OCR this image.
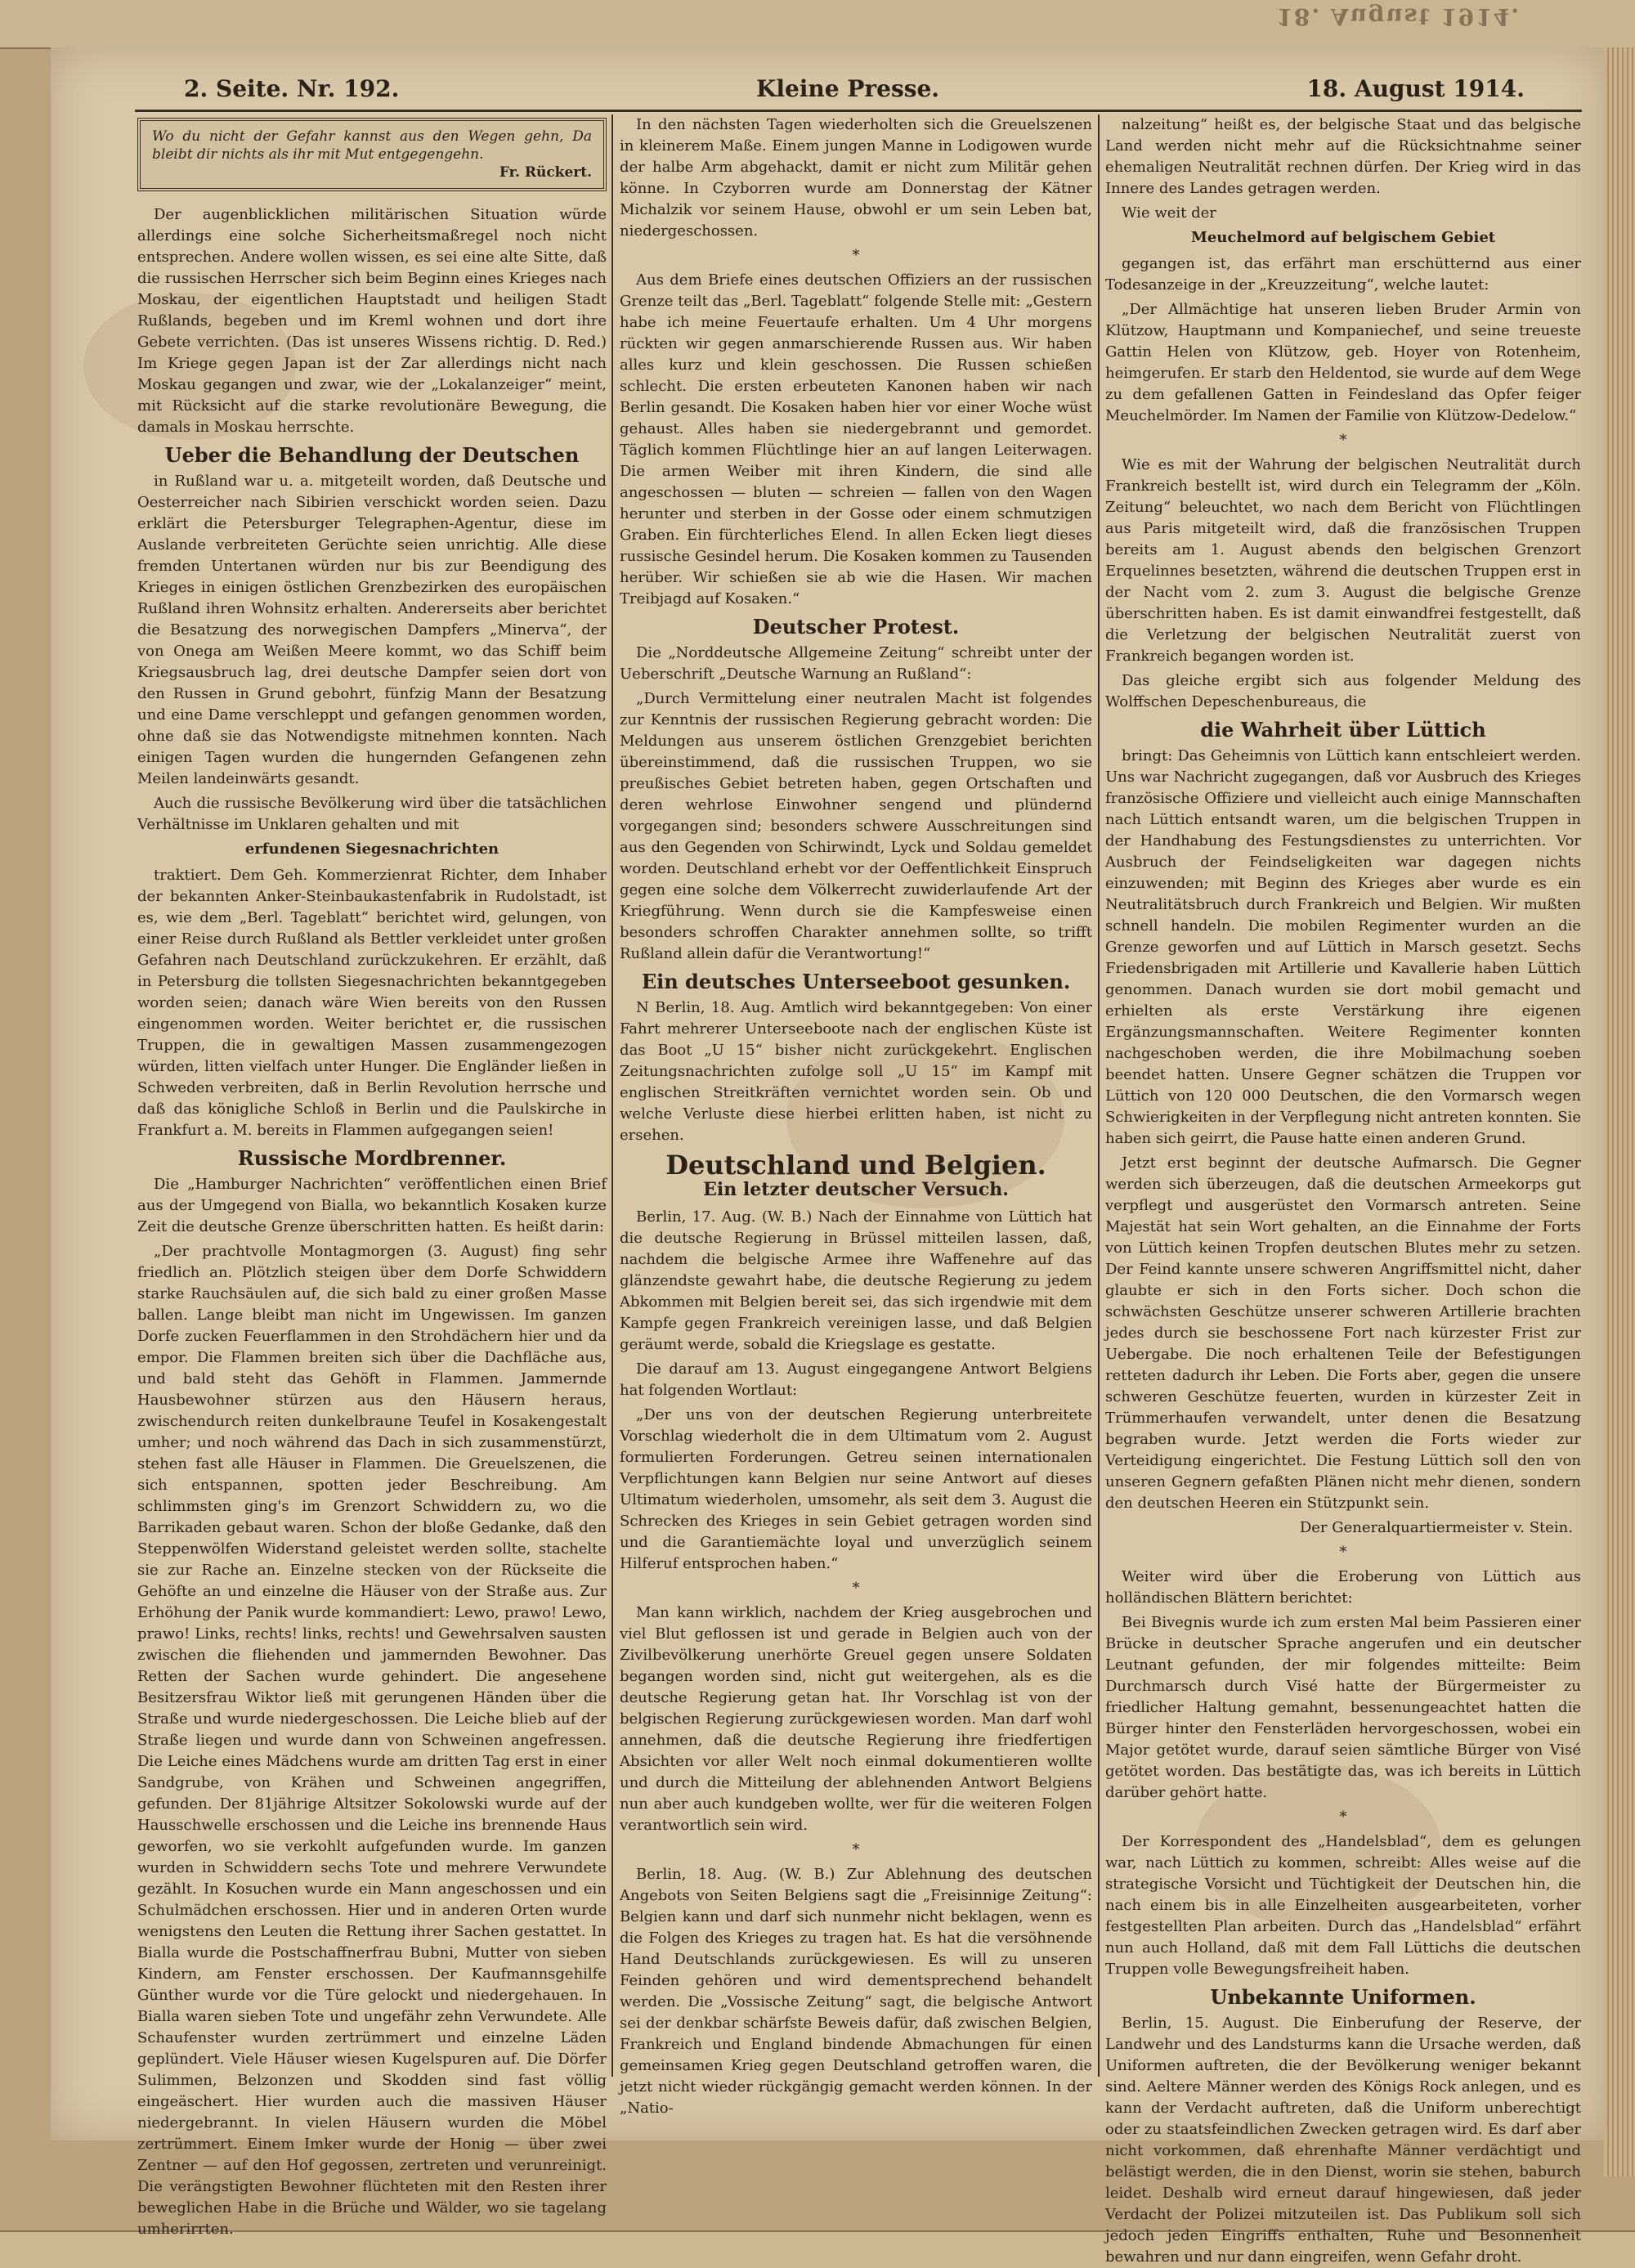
18. August 1914.
2. Seite. Nr. 192.	Kleine Presse.	18. August 1914.
Wo du nicht der Gefahr kannst aus den Wegen gehn, Da bleibt dir nichts als ihr mit Mut entgegengehn.
Fr. Rückert.

Der augenblicklichen militärischen Situation würde allerdings eine solche Sicherheitsmaßregel noch nicht entsprechen. Andere wollen wissen, es sei eine alte Sitte, daß die russischen Herrscher sich beim Beginn eines Krieges nach Moskau, der eigentlichen Hauptstadt und heiligen Stadt Rußlands, begeben und im Kreml wohnen und dort ihre Gebete verrichten. (Das ist unseres Wissens richtig. D. Red.) Im Kriege gegen Japan ist der Zar allerdings nicht nach Moskau gegangen und zwar, wie der „Lokalanzeiger“ meint, mit Rücksicht auf die starke revolutionäre Bewegung, die damals in Moskau herrschte.

Ueber die Behandlung der Deutschen

in Rußland war u. a. mitgeteilt worden, daß Deutsche und Oesterreicher nach Sibirien verschickt worden seien. Dazu erklärt die Petersburger Telegraphen-Agentur, diese im Auslande verbreiteten Gerüchte seien unrichtig. Alle diese fremden Untertanen würden nur bis zur Beendigung des Krieges in einigen östlichen Grenzbezirken des europäischen Rußland ihren Wohnsitz erhalten. Andererseits aber berichtet die Besatzung des norwegischen Dampfers „Minerva“, der von Onega am Weißen Meere kommt, wo das Schiff beim Kriegsausbruch lag, drei deutsche Dampfer seien dort von den Russen in Grund gebohrt, fünfzig Mann der Besatzung und eine Dame verschleppt und gefangen genommen worden, ohne daß sie das Notwendigste mitnehmen konnten. Nach einigen Tagen wurden die hungernden Gefangenen zehn Meilen landeinwärts gesandt.

Auch die russische Bevölkerung wird über die tatsächlichen Verhältnisse im Unklaren gehalten und mit

erfundenen Siegesnachrichten

traktiert. Dem Geh. Kommerzienrat Richter, dem Inhaber der bekannten Anker-Steinbaukastenfabrik in Rudolstadt, ist es, wie dem „Berl. Tageblatt“ berichtet wird, gelungen, von einer Reise durch Rußland als Bettler verkleidet unter großen Gefahren nach Deutschland zurückzukehren. Er erzählt, daß in Petersburg die tollsten Siegesnachrichten bekanntgegeben worden seien; danach wäre Wien bereits von den Russen eingenommen worden. Weiter berichtet er, die russischen Truppen, die in gewaltigen Massen zusammengezogen würden, litten vielfach unter Hunger. Die Engländer ließen in Schweden verbreiten, daß in Berlin Revolution herrsche und daß das königliche Schloß in Berlin und die Paulskirche in Frankfurt a. M. bereits in Flammen aufgegangen seien!

Russische Mordbrenner.

Die „Hamburger Nachrichten“ veröffentlichen einen Brief aus der Umgegend von Bialla, wo bekanntlich Kosaken kurze Zeit die deutsche Grenze überschritten hatten. Es heißt darin:

„Der prachtvolle Montagmorgen (3. August) fing sehr friedlich an. Plötzlich steigen über dem Dorfe Schwiddern starke Rauchsäulen auf, die sich bald zu einer großen Masse ballen. Lange bleibt man nicht im Ungewissen. Im ganzen Dorfe zucken Feuerflammen in den Strohdächern hier und da empor. Die Flammen breiten sich über die Dachfläche aus, und bald steht das Gehöft in Flammen. Jammernde Hausbewohner stürzen aus den Häusern heraus, zwischendurch reiten dunkelbraune Teufel in Kosakengestalt umher; und noch während das Dach in sich zusammenstürzt, stehen fast alle Häuser in Flammen. Die Greuelszenen, die sich entspannen, spotten jeder Beschreibung. Am schlimmsten ging's im Grenzort Schwiddern zu, wo die Barrikaden gebaut waren. Schon der bloße Gedanke, daß den Steppenwölfen Widerstand geleistet werden sollte, stachelte sie zur Rache an. Einzelne stecken von der Rückseite die Gehöfte an und einzelne die Häuser von der Straße aus. Zur Erhöhung der Panik wurde kommandiert: Lewo, prawo! Lewo, prawo! Links, rechts! links, rechts! und Gewehrsalven sausten zwischen die fliehenden und jammernden Bewohner. Das Retten der Sachen wurde gehindert. Die angesehene Besitzersfrau Wiktor ließ mit gerungenen Händen über die Straße und wurde niedergeschossen. Die Leiche blieb auf der Straße liegen und wurde dann von Schweinen angefressen. Die Leiche eines Mädchens wurde am dritten Tag erst in einer Sandgrube, von Krähen und Schweinen angegriffen, gefunden. Der 81jährige Altsitzer Sokolowski wurde auf der Hausschwelle erschossen und die Leiche ins brennende Haus geworfen, wo sie verkohlt aufgefunden wurde. Im ganzen wurden in Schwiddern sechs Tote und mehrere Verwundete gezählt. In Kosuchen wurde ein Mann angeschossen und ein Schulmädchen erschossen. Hier und in anderen Orten wurde wenigstens den Leuten die Rettung ihrer Sachen gestattet. In Bialla wurde die Postschaffnerfrau Bubni, Mutter von sieben Kindern, am Fenster erschossen. Der Kaufmannsgehilfe Günther wurde vor die Türe gelockt und niedergehauen. In Bialla waren sieben Tote und ungefähr zehn Verwundete. Alle Schaufenster wurden zertrümmert und einzelne Läden geplündert. Viele Häuser wiesen Kugelspuren auf. Die Dörfer Sulimmen, Belzonzen und Skodden sind fast völlig eingeäschert. Hier wurden auch die massiven Häuser niedergebrannt. In vielen Häusern wurden die Möbel zertrümmert. Einem Imker wurde der Honig — über zwei Zentner — auf den Hof gegossen, zertreten und verunreinigt. Die verängstigten Bewohner flüchteten mit den Resten ihrer beweglichen Habe in die Brüche und Wälder, wo sie tagelang umherirrten.

In den nächsten Tagen wiederholten sich die Greuelszenen in kleinerem Maße. Einem jungen Manne in Lodigowen wurde der halbe Arm abgehackt, damit er nicht zum Militär gehen könne. In Czyborren wurde am Donnerstag der Kätner Michalzik vor seinem Hause, obwohl er um sein Leben bat, niedergeschossen.

*

Aus dem Briefe eines deutschen Offiziers an der russischen Grenze teilt das „Berl. Tageblatt“ folgende Stelle mit: „Gestern habe ich meine Feuertaufe erhalten. Um 4 Uhr morgens rückten wir gegen anmarschierende Russen aus. Wir haben alles kurz und klein geschossen. Die Russen schießen schlecht. Die ersten erbeuteten Kanonen haben wir nach Berlin gesandt. Die Kosaken haben hier vor einer Woche wüst gehaust. Alles haben sie niedergebrannt und gemordet. Täglich kommen Flüchtlinge hier an auf langen Leiterwagen. Die armen Weiber mit ihren Kindern, die sind alle angeschossen — bluten — schreien — fallen von den Wagen herunter und sterben in der Gosse oder einem schmutzigen Graben. Ein fürchterliches Elend. In allen Ecken liegt dieses russische Gesindel herum. Die Kosaken kommen zu Tausenden herüber. Wir schießen sie ab wie die Hasen. Wir machen Treibjagd auf Kosaken.“

Deutscher Protest.

Die „Norddeutsche Allgemeine Zeitung“ schreibt unter der Ueberschrift „Deutsche Warnung an Rußland“:

„Durch Vermittelung einer neutralen Macht ist folgendes zur Kenntnis der russischen Regierung gebracht worden: Die Meldungen aus unserem östlichen Grenzgebiet berichten übereinstimmend, daß die russischen Truppen, wo sie preußisches Gebiet betreten haben, gegen Ortschaften und deren wehrlose Einwohner sengend und plündernd vorgegangen sind; besonders schwere Ausschreitungen sind aus den Gegenden von Schirwindt, Lyck und Soldau gemeldet worden. Deutschland erhebt vor der Oeffentlichkeit Einspruch gegen eine solche dem Völkerrecht zuwiderlaufende Art der Kriegführung. Wenn durch sie die Kampfesweise einen besonders schroffen Charakter annehmen sollte, so trifft Rußland allein dafür die Verantwortung!“

Ein deutsches Unterseeboot gesunken.

N Berlin, 18. Aug. Amtlich wird bekanntgegeben: Von einer Fahrt mehrerer Unterseeboote nach der englischen Küste ist das Boot „U 15“ bisher nicht zurückgekehrt. Englischen Zeitungsnachrichten zufolge soll „U 15“ im Kampf mit englischen Streitkräften vernichtet worden sein. Ob und welche Verluste diese hierbei erlitten haben, ist nicht zu ersehen.

Deutschland und Belgien.
Ein letzter deutscher Versuch.

Berlin, 17. Aug. (W. B.) Nach der Einnahme von Lüttich hat die deutsche Regierung in Brüssel mitteilen lassen, daß, nachdem die belgische Armee ihre Waffenehre auf das glänzendste gewahrt habe, die deutsche Regierung zu jedem Abkommen mit Belgien bereit sei, das sich irgendwie mit dem Kampfe gegen Frankreich vereinigen lasse, und daß Belgien geräumt werde, sobald die Kriegslage es gestatte.

Die darauf am 13. August eingegangene Antwort Belgiens hat folgenden Wortlaut:

„Der uns von der deutschen Regierung unterbreitete Vorschlag wiederholt die in dem Ultimatum vom 2. August formulierten Forderungen. Getreu seinen internationalen Verpflichtungen kann Belgien nur seine Antwort auf dieses Ultimatum wiederholen, umsomehr, als seit dem 3. August die Schrecken des Krieges in sein Gebiet getragen worden sind und die Garantiemächte loyal und unverzüglich seinem Hilferuf entsprochen haben.“

*

Man kann wirklich, nachdem der Krieg ausgebrochen und viel Blut geflossen ist und gerade in Belgien auch von der Zivilbevölkerung unerhörte Greuel gegen unsere Soldaten begangen worden sind, nicht gut weitergehen, als es die deutsche Regierung getan hat. Ihr Vorschlag ist von der belgischen Regierung zurückgewiesen worden. Man darf wohl annehmen, daß die deutsche Regierung ihre friedfertigen Absichten vor aller Welt noch einmal dokumentieren wollte und durch die Mitteilung der ablehnenden Antwort Belgiens nun aber auch kundgeben wollte, wer für die weiteren Folgen verantwortlich sein wird.

*

Berlin, 18. Aug. (W. B.) Zur Ablehnung des deutschen Angebots von Seiten Belgiens sagt die „Freisinnige Zeitung“: Belgien kann und darf sich nunmehr nicht beklagen, wenn es die Folgen des Krieges zu tragen hat. Es hat die versöhnende Hand Deutschlands zurückgewiesen. Es will zu unseren Feinden gehören und wird dementsprechend behandelt werden. Die „Vossische Zeitung“ sagt, die belgische Antwort sei der denkbar schärfste Beweis dafür, daß zwischen Belgien, Frankreich und England bindende Abmachungen für einen gemeinsamen Krieg gegen Deutschland getroffen waren, die jetzt nicht wieder rückgängig gemacht werden können. In der „Natio-

nalzeitung“ heißt es, der belgische Staat und das belgische Land werden nicht mehr auf die Rücksichtnahme seiner ehemaligen Neutralität rechnen dürfen. Der Krieg wird in das Innere des Landes getragen werden.

Wie weit der

Meuchelmord auf belgischem Gebiet

gegangen ist, das erfährt man erschütternd aus einer Todesanzeige in der „Kreuzzeitung“, welche lautet:

„Der Allmächtige hat unseren lieben Bruder Armin von Klützow, Hauptmann und Kompaniechef, und seine treueste Gattin Helen von Klützow, geb. Hoyer von Rotenheim, heimgerufen. Er starb den Heldentod, sie wurde auf dem Wege zu dem gefallenen Gatten in Feindesland das Opfer feiger Meuchelmörder. Im Namen der Familie von Klützow-Dedelow.“

*

Wie es mit der Wahrung der belgischen Neutralität durch Frankreich bestellt ist, wird durch ein Telegramm der „Köln. Zeitung“ beleuchtet, wo nach dem Bericht von Flüchtlingen aus Paris mitgeteilt wird, daß die französischen Truppen bereits am 1. August abends den belgischen Grenzort Erquelinnes besetzten, während die deutschen Truppen erst in der Nacht vom 2. zum 3. August die belgische Grenze überschritten haben. Es ist damit einwandfrei festgestellt, daß die Verletzung der belgischen Neutralität zuerst von Frankreich begangen worden ist.

Das gleiche ergibt sich aus folgender Meldung des Wolffschen Depeschenbureaus, die

die Wahrheit über Lüttich

bringt: Das Geheimnis von Lüttich kann entschleiert werden. Uns war Nachricht zugegangen, daß vor Ausbruch des Krieges französische Offiziere und vielleicht auch einige Mannschaften nach Lüttich entsandt waren, um die belgischen Truppen in der Handhabung des Festungsdienstes zu unterrichten. Vor Ausbruch der Feindseligkeiten war dagegen nichts einzuwenden; mit Beginn des Krieges aber wurde es ein Neutralitätsbruch durch Frankreich und Belgien. Wir mußten schnell handeln. Die mobilen Regimenter wurden an die Grenze geworfen und auf Lüttich in Marsch gesetzt. Sechs Friedensbrigaden mit Artillerie und Kavallerie haben Lüttich genommen. Danach wurden sie dort mobil gemacht und erhielten als erste Verstärkung ihre eigenen Ergänzungsmannschaften. Weitere Regimenter konnten nachgeschoben werden, die ihre Mobilmachung soeben beendet hatten. Unsere Gegner schätzen die Truppen vor Lüttich von 120 000 Deutschen, die den Vormarsch wegen Schwierigkeiten in der Verpflegung nicht antreten konnten. Sie haben sich geirrt, die Pause hatte einen anderen Grund.

Jetzt erst beginnt der deutsche Aufmarsch. Die Gegner werden sich überzeugen, daß die deutschen Armeekorps gut verpflegt und ausgerüstet den Vormarsch antreten. Seine Majestät hat sein Wort gehalten, an die Einnahme der Forts von Lüttich keinen Tropfen deutschen Blutes mehr zu setzen. Der Feind kannte unsere schweren Angriffsmittel nicht, daher glaubte er sich in den Forts sicher. Doch schon die schwächsten Geschütze unserer schweren Artillerie brachten jedes durch sie beschossene Fort nach kürzester Frist zur Uebergabe. Die noch erhaltenen Teile der Befestigungen retteten dadurch ihr Leben. Die Forts aber, gegen die unsere schweren Geschütze feuerten, wurden in kürzester Zeit in Trümmerhaufen verwandelt, unter denen die Besatzung begraben wurde. Jetzt werden die Forts wieder zur Verteidigung eingerichtet. Die Festung Lüttich soll den von unseren Gegnern gefaßten Plänen nicht mehr dienen, sondern den deutschen Heeren ein Stützpunkt sein.

Der Generalquartiermeister v. Stein.
*

Weiter wird über die Eroberung von Lüttich aus holländischen Blättern berichtet:

Bei Bivegnis wurde ich zum ersten Mal beim Passieren einer Brücke in deutscher Sprache angerufen und ein deutscher Leutnant gefunden, der mir folgendes mitteilte: Beim Durchmarsch durch Visé hatte der Bürgermeister zu friedlicher Haltung gemahnt, bessenungeachtet hatten die Bürger hinter den Fensterläden hervorgeschossen, wobei ein Major getötet wurde, darauf seien sämtliche Bürger von Visé getötet worden. Das bestätigte das, was ich bereits in Lüttich darüber gehört hatte.

*

Der Korrespondent des „Handelsblad“, dem es gelungen war, nach Lüttich zu kommen, schreibt: Alles weise auf die strategische Vorsicht und Tüchtigkeit der Deutschen hin, die nach einem bis in alle Einzelheiten ausgearbeiteten, vorher festgestellten Plan arbeiten. Durch das „Handelsblad“ erfährt nun auch Holland, daß mit dem Fall Lüttichs die deutschen Truppen volle Bewegungsfreiheit haben.

Unbekannte Uniformen.

Berlin, 15. August. Die Einberufung der Reserve, der Landwehr und des Landsturms kann die Ursache werden, daß Uniformen auftreten, die der Bevölkerung weniger bekannt sind. Aeltere Männer werden des Königs Rock anlegen, und es kann der Verdacht auftreten, daß die Uniform unberechtigt oder zu staatsfeindlichen Zwecken getragen wird. Es darf aber nicht vorkommen, daß ehrenhafte Männer verdächtigt und belästigt werden, die in den Dienst, worin sie stehen, baburch leidet. Deshalb wird erneut darauf hingewiesen, daß jeder Verdacht der Polizei mitzuteilen ist. Das Publikum soll sich jedoch jeden Eingriffs enthalten, Ruhe und Besonnenheit bewahren und nur dann eingreifen, wenn Gefahr droht.
